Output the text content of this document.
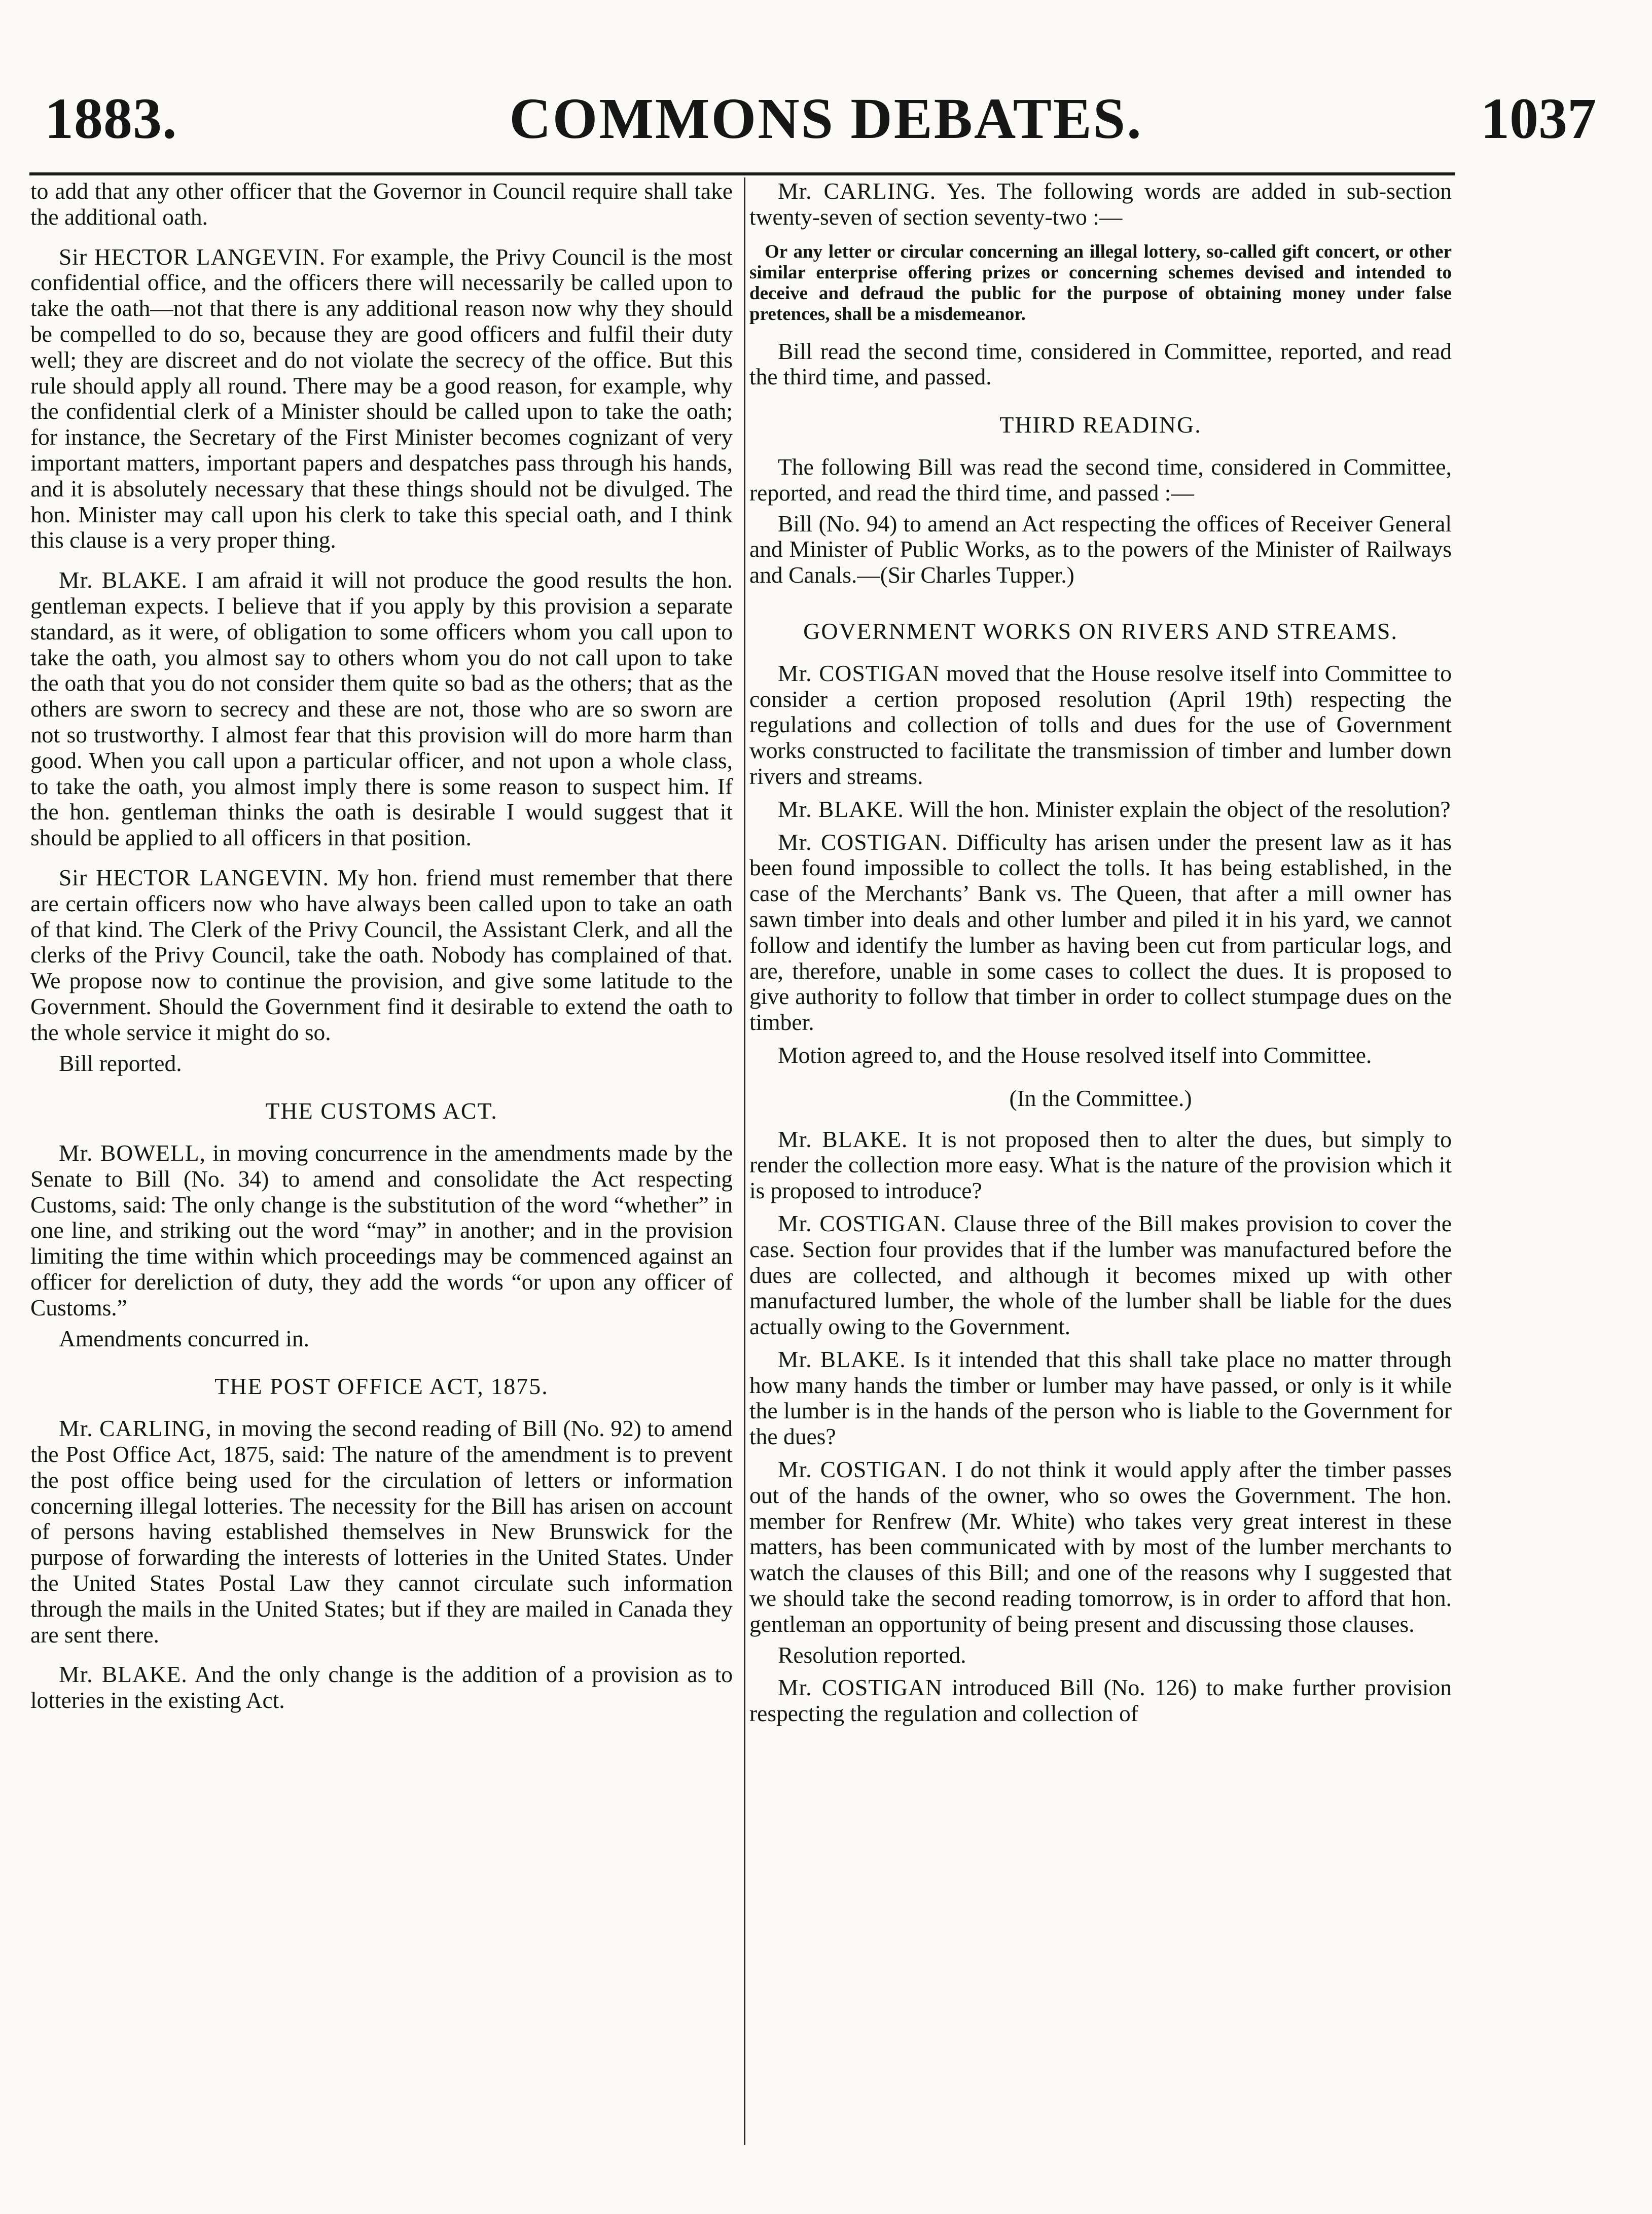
1883.	COMMONS DEBATES.	1037

to add that any other officer that the Governor in Council require shall take the additional oath.

Sir HECTOR LANGEVIN. For example, the Privy Council is the most confidential office, and the officers there will necessarily be called upon to take the oath—not that there is any additional reason now why they should be compelled to do so, because they are good officers and fulfil their duty well; they are discreet and do not violate the secrecy of the office. But this rule should apply all round. There may be a good reason, for example, why the confidential clerk of a Minister should be called upon to take the oath; for instance, the Secretary of the First Minister becomes cognizant of very important matters, important papers and despatches pass through his hands, and it is absolutely necessary that these things should not be divulged. The hon. Minister may call upon his clerk to take this special oath, and I think this clause is a very proper thing.

Mr. BLAKE. I am afraid it will not produce the good results the hon. gentleman expects. I believe that if you apply by this provision a separate standard, as it were, of obligation to some officers whom you call upon to take the oath, you almost say to others whom you do not call upon to take the oath that you do not consider them quite so bad as the others; that as the others are sworn to secrecy and these are not, those who are so sworn are not so trustworthy. I almost fear that this provision will do more harm than good. When you call upon a particular officer, and not upon a whole class, to take the oath, you almost imply there is some reason to suspect him. If the hon. gentleman thinks the oath is desirable I would suggest that it should be applied to all officers in that position.

Sir HECTOR LANGEVIN. My hon. friend must remember that there are certain officers now who have always been called upon to take an oath of that kind. The Clerk of the Privy Council, the Assistant Clerk, and all the clerks of the Privy Council, take the oath. Nobody has complained of that. We propose now to continue the provision, and give some latitude to the Government. Should the Government find it desirable to extend the oath to the whole service it might do so.

Bill reported.

THE CUSTOMS ACT.

Mr. BOWELL, in moving concurrence in the amendments made by the Senate to Bill (No. 34) to amend and consolidate the Act respecting Customs, said: The only change is the substitution of the word “whether” in one line, and striking out the word “may” in another; and in the provision limiting the time within which proceedings may be commenced against an officer for dereliction of duty, they add the words “or upon any officer of Customs.”

Amendments concurred in.

THE POST OFFICE ACT, 1875.

Mr. CARLING, in moving the second reading of Bill (No. 92) to amend the Post Office Act, 1875, said: The nature of the amendment is to prevent the post office being used for the circulation of letters or information concerning illegal lotteries. The necessity for the Bill has arisen on account of persons having established themselves in New Brunswick for the purpose of forwarding the interests of lotteries in the United States. Under the United States Postal Law they cannot circulate such information through the mails in the United States; but if they are mailed in Canada they are sent there.

Mr. BLAKE. And the only change is the addition of a provision as to lotteries in the existing Act.

Mr. CARLING. Yes. The following words are added in sub-section twenty-seven of section seventy-two :—

Or any letter or circular concerning an illegal lottery, so-called gift concert, or other similar enterprise offering prizes or concerning schemes devised and intended to deceive and defraud the public for the purpose of obtaining money under false pretences, shall be a misdemeanor.

Bill read the second time, considered in Committee, reported, and read the third time, and passed.

THIRD READING.

The following Bill was read the second time, considered in Committee, reported, and read the third time, and passed :—

Bill (No. 94) to amend an Act respecting the offices of Receiver General and Minister of Public Works, as to the powers of the Minister of Railways and Canals.—(Sir Charles Tupper.)

GOVERNMENT WORKS ON RIVERS AND STREAMS.

Mr. COSTIGAN moved that the House resolve itself into Committee to consider a certion proposed resolution (April 19th) respecting the regulations and collection of tolls and dues for the use of Government works constructed to facilitate the transmission of timber and lumber down rivers and streams.

Mr. BLAKE. Will the hon. Minister explain the object of the resolution?

Mr. COSTIGAN. Difficulty has arisen under the present law as it has been found impossible to collect the tolls. It has being established, in the case of the Merchants’ Bank vs. The Queen, that after a mill owner has sawn timber into deals and other lumber and piled it in his yard, we cannot follow and identify the lumber as having been cut from particular logs, and are, therefore, unable in some cases to collect the dues. It is proposed to give authority to follow that timber in order to collect stumpage dues on the timber.

Motion agreed to, and the House resolved itself into Committee.

(In the Committee.)

Mr. BLAKE. It is not proposed then to alter the dues, but simply to render the collection more easy. What is the nature of the provision which it is proposed to introduce?

Mr. COSTIGAN. Clause three of the Bill makes provision to cover the case. Section four provides that if the lumber was manufactured before the dues are collected, and although it becomes mixed up with other manufactured lumber, the whole of the lumber shall be liable for the dues actually owing to the Government.

Mr. BLAKE. Is it intended that this shall take place no matter through how many hands the timber or lumber may have passed, or only is it while the lumber is in the hands of the person who is liable to the Government for the dues?

Mr. COSTIGAN. I do not think it would apply after the timber passes out of the hands of the owner, who so owes the Government. The hon. member for Renfrew (Mr. White) who takes very great interest in these matters, has been communicated with by most of the lumber merchants to watch the clauses of this Bill; and one of the reasons why I suggested that we should take the second reading tomorrow, is in order to afford that hon. gentleman an opportunity of being present and discussing those clauses.

Resolution reported.

Mr. COSTIGAN introduced Bill (No. 126) to make further provision respecting the regulation and collection of
